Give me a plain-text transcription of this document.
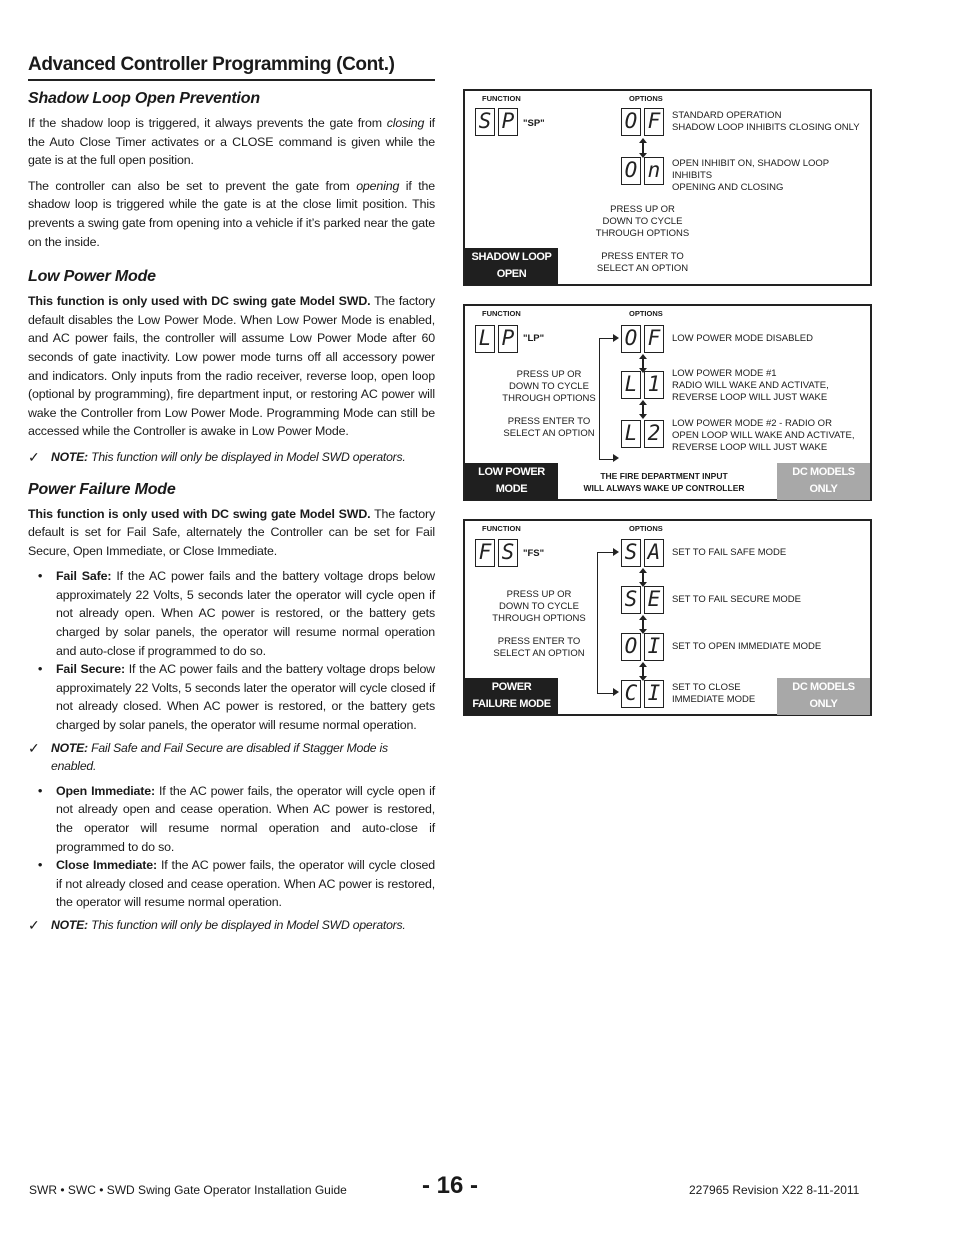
Advanced Controller Programming (Cont.)
Shadow Loop Open Prevention

If the shadow loop is triggered, it always prevents the gate from closing if the Auto Close Timer activates or a CLOSE command is given while the gate is at the full open position.

The controller can also be set to prevent the gate from opening if the shadow loop is triggered while the gate is at the close limit position. This prevents a swing gate from opening into a vehicle if it’s parked near the gate on the inside.

Low Power Mode

This function is only used with DC swing gate Model SWD. The factory default disables the Low Power Mode. When Low Power Mode is enabled, and AC power fails, the controller will assume Low Power Mode after 60 seconds of gate inactivity. Low power mode turns off all accessory power and indicators. Only inputs from the radio receiver, reverse loop, open loop (optional by programming), fire department input, or restoring AC power will wake the Controller from Low Power Mode. Programming Mode can still be accessed while the Controller is awake in Low Power Mode.

✓ NOTE: This function will only be displayed in Model SWD operators.
Power Failure Mode

This function is only used with DC swing gate Model SWD. The factory default is set for Fail Safe, alternately the Controller can be set for Fail Secure, Open Immediate, or Close Immediate.

• Fail Safe: If the AC power fails and the battery voltage drops below approximately 22 Volts, 5 seconds later the operator will cycle open if not already open. When AC power is restored, or the battery gets charged by solar panels, the operator will resume normal operation and auto-close if programmed to do so.
• Fail Secure: If the AC power fails and the battery voltage drops below approximately 22 Volts, 5 seconds later the operator will cycle closed if not already closed. When AC power is restored, or the battery gets charged by solar panels, the operator will resume normal operation.
✓ NOTE: Fail Safe and Fail Secure are disabled if Stagger Mode is enabled.
• Open Immediate: If the AC power fails, the operator will cycle open if not already open and cease operation. When AC power is restored, the operator will resume normal operation and auto-close if programmed to do so.
• Close Immediate: If the AC power fails, the operator will cycle closed if not already closed and cease operation. When AC power is restored, the operator will resume normal operation.
✓ NOTE: This function will only be displayed in Model SWD operators.
FUNCTION	OPTIONS
S P "SP"	O F	STANDARD OPERATION
SHADOW LOOP INHIBITS CLOSING ONLY
O n	OPEN INHIBIT ON, SHADOW LOOP INHIBITS
OPENING AND CLOSING
PRESS UP OR
DOWN TO CYCLE
THROUGH OPTIONS
PRESS ENTER TO
SELECT AN OPTION
SHADOW LOOP
OPEN PREVENTION
FUNCTION	OPTIONS
L P "LP"	O F	LOW POWER MODE DISABLED
L 1	LOW POWER MODE #1
RADIO WILL WAKE AND ACTIVATE,
REVERSE LOOP WILL JUST WAKE
L 2	LOW POWER MODE #2 - RADIO OR
OPEN LOOP WILL WAKE AND ACTIVATE,
REVERSE LOOP WILL JUST WAKE
PRESS UP OR
DOWN TO CYCLE
THROUGH OPTIONS
PRESS ENTER TO
SELECT AN OPTION
LOW POWER
MODE
THE FIRE DEPARTMENT INPUT
WILL ALWAYS WAKE UP CONTROLLER
DC MODELS
ONLY
FUNCTION	OPTIONS
F S "FS"	S A	SET TO FAIL SAFE MODE
S E	SET TO FAIL SECURE MODE
O I	SET TO OPEN IMMEDIATE MODE
C I	SET TO CLOSE
IMMEDIATE MODE
PRESS UP OR
DOWN TO CYCLE
THROUGH OPTIONS
PRESS ENTER TO
SELECT AN OPTION
POWER
FAILURE MODE
DC MODELS
ONLY
SWR • SWC • SWD Swing Gate Operator Installation Guide	- 16 -	227965 Revision X22 8-11-2011
